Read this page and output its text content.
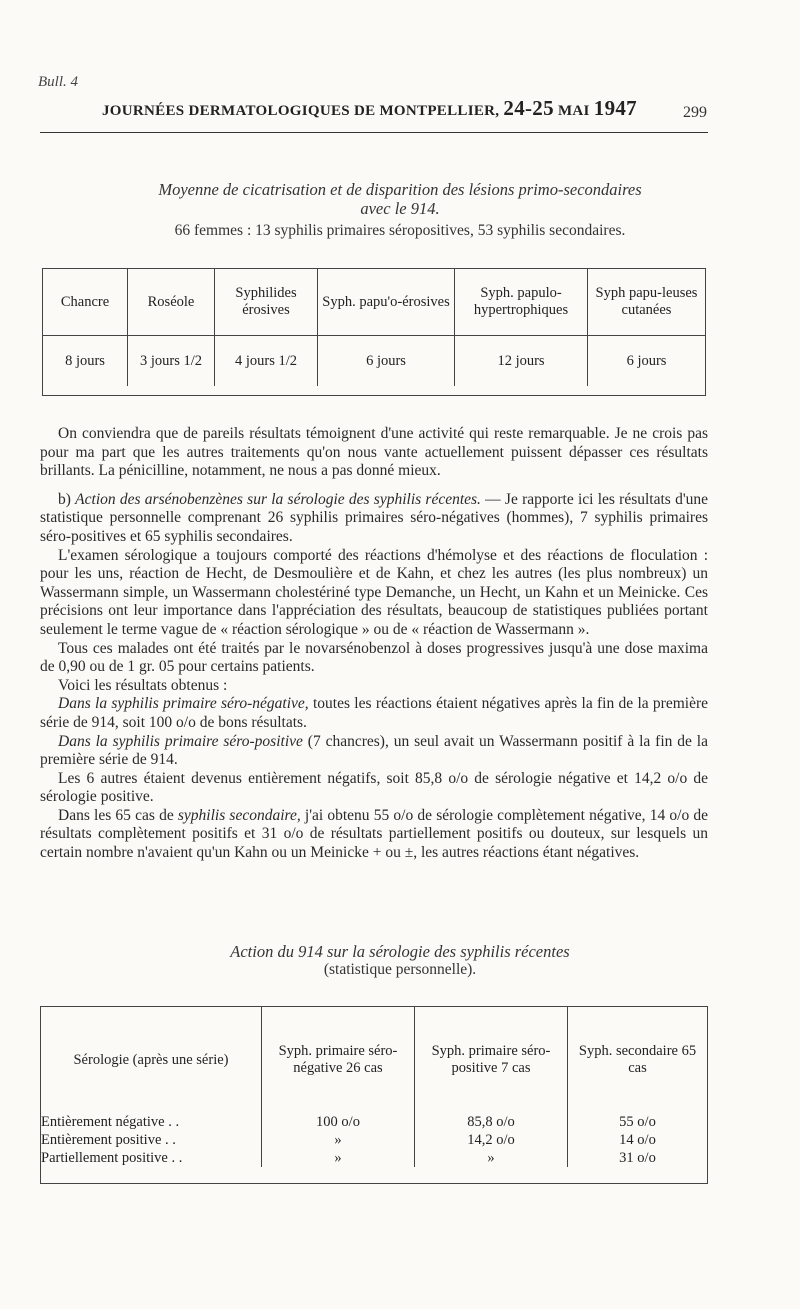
Bull. 4
JOURNÉES DERMATOLOGIQUES DE MONTPELLIER, 24-25 MAI 1947	299
Moyenne de cicatrisation et de disparition des lésions primo-secondaires
avec le 914.
66 femmes : 13 syphilis primaires séropositives, 53 syphilis secondaires.
Chancre	Roséole	Syphilides érosives	Syph. papu'o-érosives	Syph. papulo-hypertrophiques	Syph papu-leuses cutanées
8 jours	3 jours 1/2	4 jours 1/2	6 jours	12 jours	6 jours

On conviendra que de pareils résultats témoignent d'une activité qui reste remarquable. Je ne crois pas pour ma part que les autres traitements qu'on nous vante actuellement puissent dépasser ces résultats brillants. La pénicilline, notamment, ne nous a pas donné mieux.

b) Action des arsénobenzènes sur la sérologie des syphilis récentes. — Je rapporte ici les résultats d'une statistique personnelle comprenant 26 syphilis primaires séro-négatives (hommes), 7 syphilis primaires séro-positives et 65 syphilis secondaires.

L'examen sérologique a toujours comporté des réactions d'hémolyse et des réactions de floculation : pour les uns, réaction de Hecht, de Desmoulière et de Kahn, et chez les autres (les plus nombreux) un Wassermann simple, un Wassermann cholestériné type Demanche, un Hecht, un Kahn et un Meinicke. Ces précisions ont leur importance dans l'appréciation des résultats, beaucoup de statistiques publiées portant seulement le terme vague de « réaction sérologique » ou de « réaction de Wassermann ».

Tous ces malades ont été traités par le novarsénobenzol à doses progressives jusqu'à une dose maxima de 0,90 ou de 1 gr. 05 pour certains patients.

Voici les résultats obtenus :

Dans la syphilis primaire séro-négative, toutes les réactions étaient négatives après la fin de la première série de 914, soit 100 o/o de bons résultats.

Dans la syphilis primaire séro-positive (7 chancres), un seul avait un Wassermann positif à la fin de la première série de 914.

Les 6 autres étaient devenus entièrement négatifs, soit 85,8 o/o de sérologie négative et 14,2 o/o de sérologie positive.

Dans les 65 cas de syphilis secondaire, j'ai obtenu 55 o/o de sérologie complètement négative, 14 o/o de résultats complètement positifs et 31 o/o de résultats partiellement positifs ou douteux, sur lesquels un certain nombre n'avaient qu'un Kahn ou un Meinicke + ou ±, les autres réactions étant négatives.

Action du 914 sur la sérologie des syphilis récentes
(statistique personnelle).
Sérologie (après une série)	Syph. primaire séro-négative 26 cas	Syph. primaire séro-positive 7 cas	Syph. secondaire 65 cas
Entièrement négative . .	100 o/o	85,8 o/o	55 o/o
Entièrement positive . .	»	14,2 o/o	14 o/o
Partiellement positive . .	»	»	31 o/o
